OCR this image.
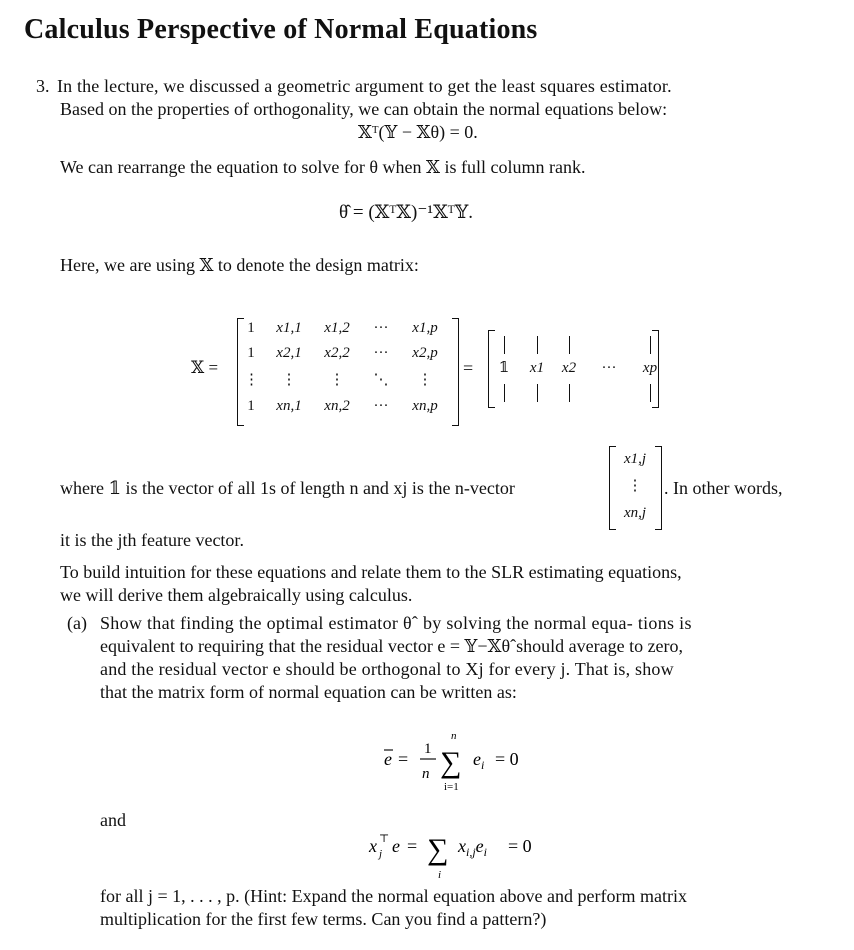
Calculus Perspective of Normal Equations
3. In the lecture, we discussed a geometric argument to get the least squares estimator.
Based on the properties of orthogonality, we can obtain the normal equations below:
𝕏ᵀ(𝕐 − 𝕏θ) = 0.
We can rearrange the equation to solve for θ when 𝕏 is full column rank.
θ̂ = (𝕏ᵀ𝕏)⁻¹𝕏ᵀ𝕐.
Here, we are using 𝕏 to denote the design matrix:
𝕏 =
1	x1,1	x1,2	···	x1,p
1	x2,1	x2,2	···	x2,p
⋮	⋮	⋮	⋱	⋮
1	xn,1	xn,2	···	xn,p
=	𝟙	x1	x2	···	xp
where 𝟙 is the vector of all 1s of length n and xj is the n-vector
x1,j
⋮
xn,j
. In other words,
it is the jth feature vector.
To build intuition for these equations and relate them to the SLR estimating equations,
we will derive them algebraically using calculus.
(a) Show that finding the optimal estimator θˆ by solving the normal equa- tions is
equivalent to requiring that the residual vector e = 𝕐−𝕏θˆshould average to zero,
and the residual vector e should be orthogonal to Xj for every j. That is, show
that the matrix form of normal equation can be written as:
e = 1
n ∑
n
i=1
$e_i = 0$
and
x ⊤
j e = ∑
i
$x_{i,j}e_i = 0$
for all j = 1, . . . , p. (Hint: Expand the normal equation above and perform matrix
multiplication for the first few terms. Can you find a pattern?)
